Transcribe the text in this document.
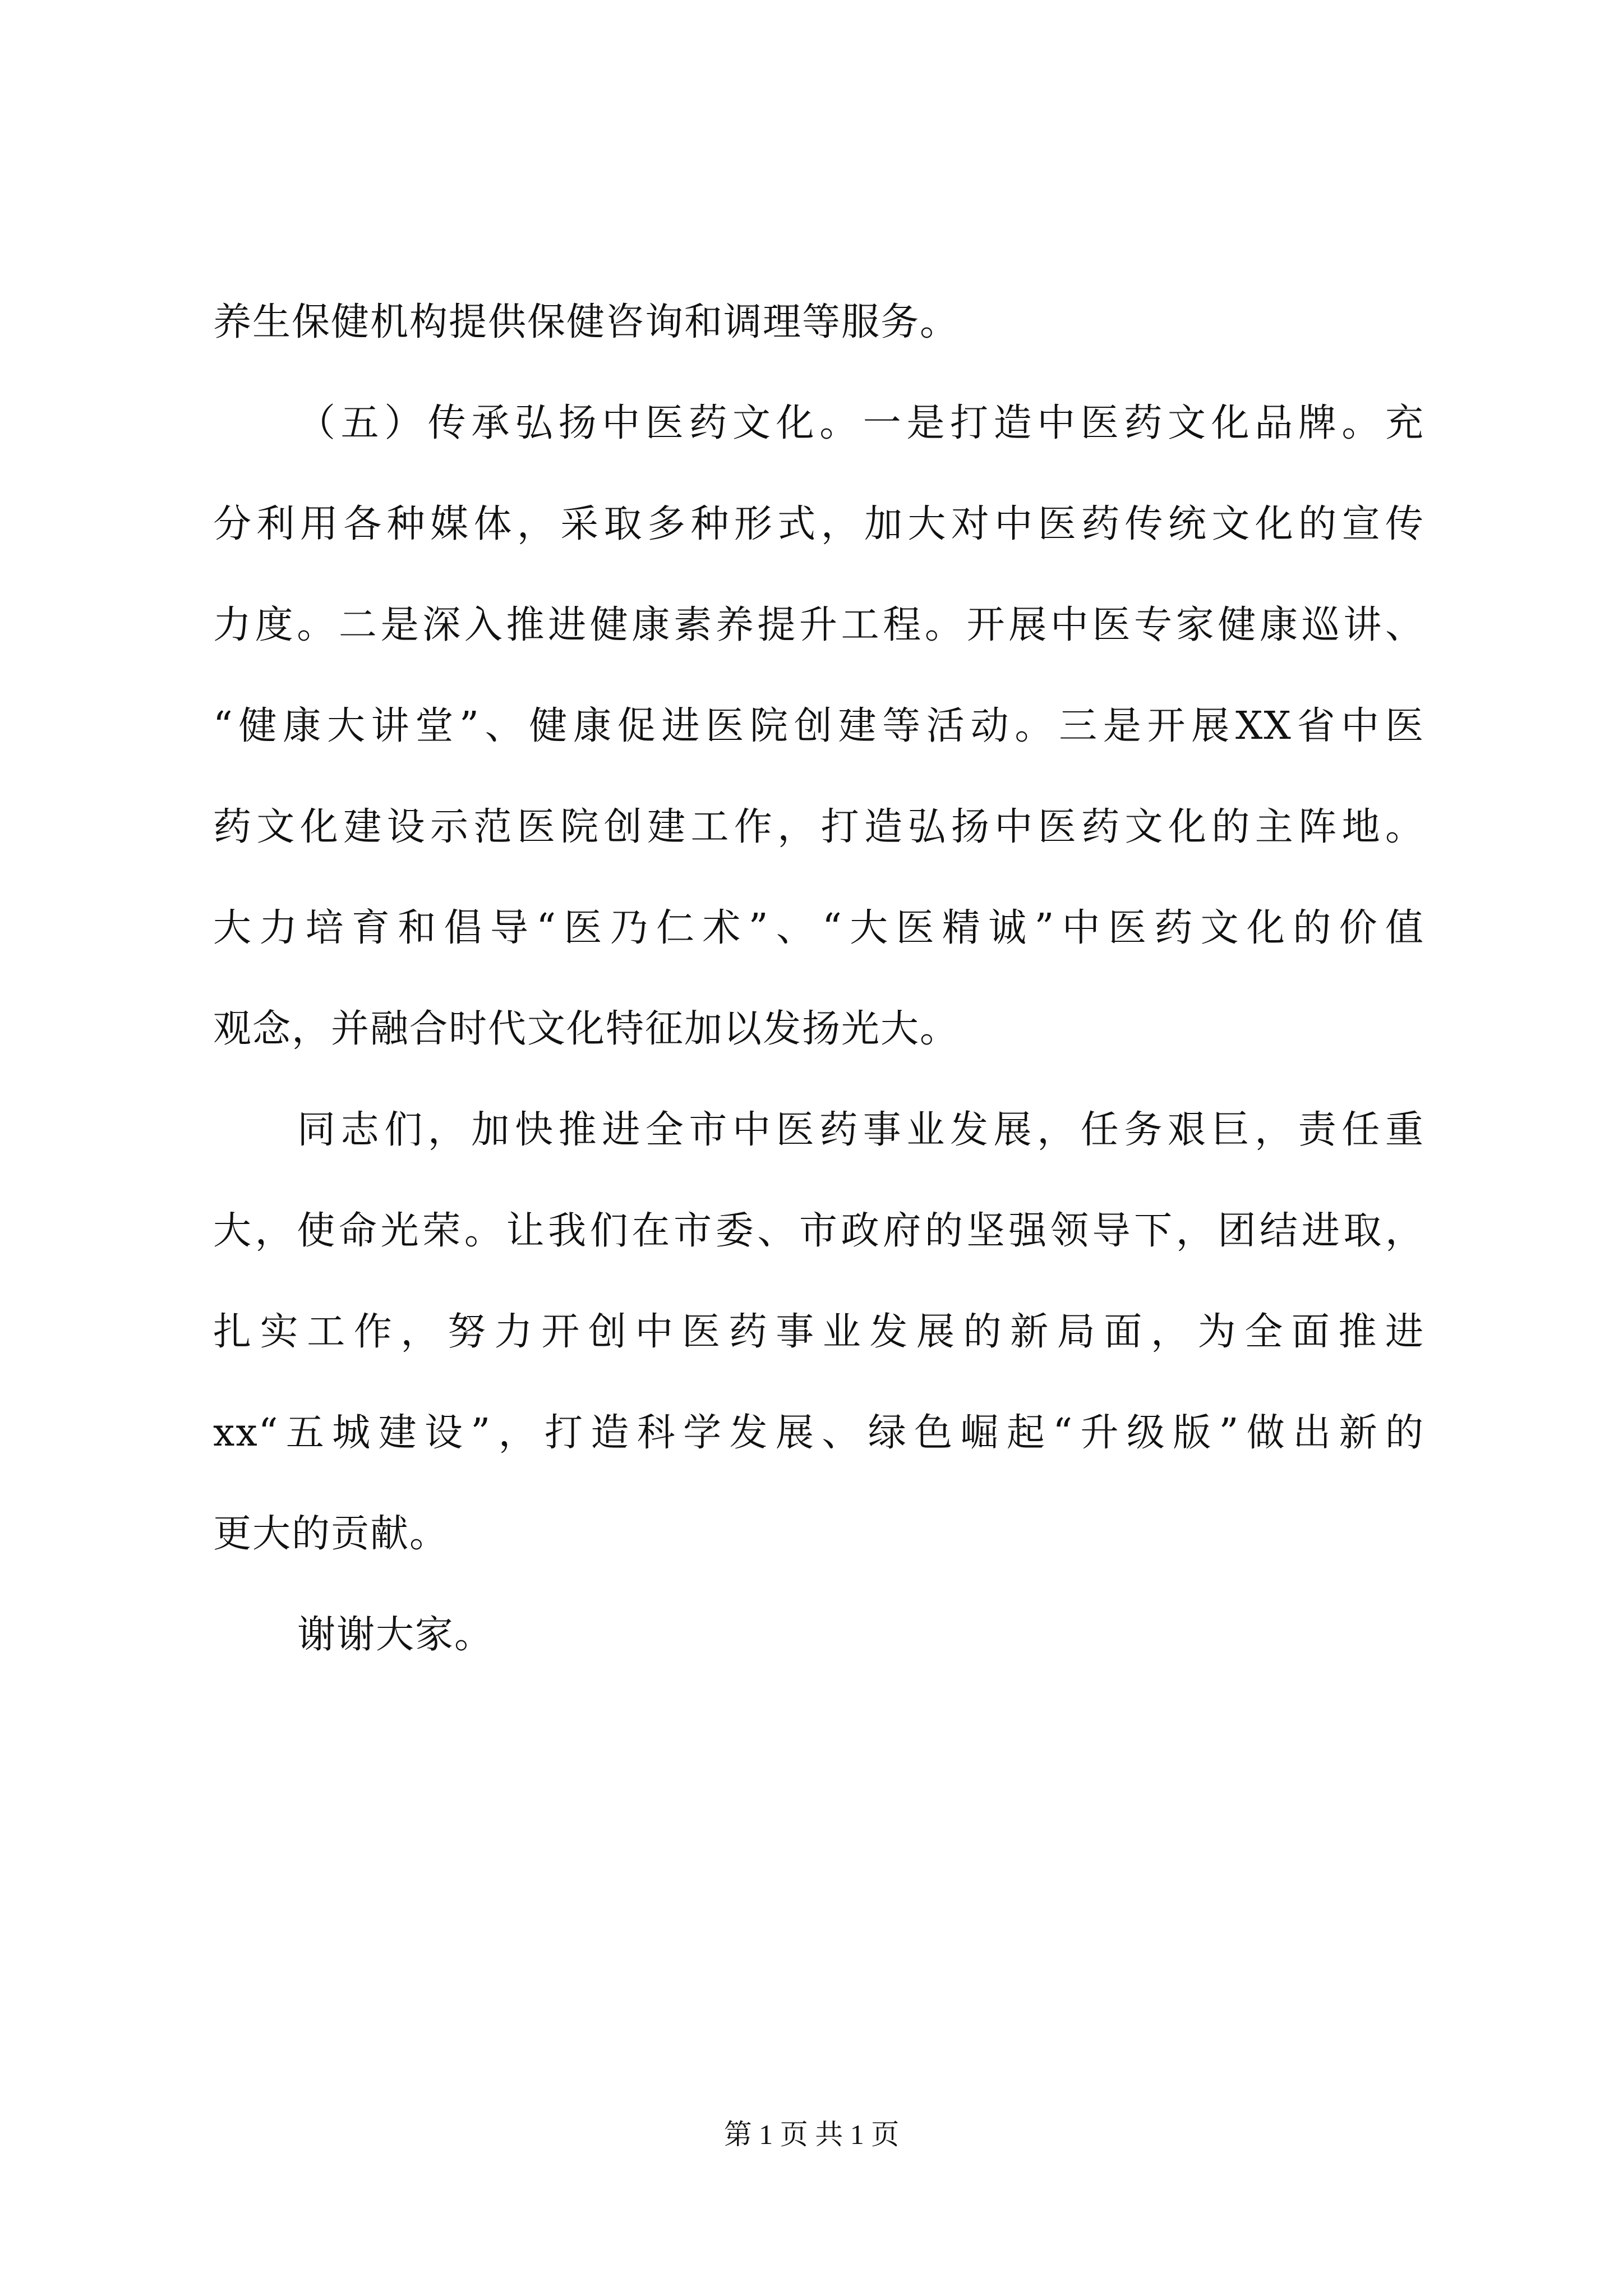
养生保健机构提供保健咨询和调理等服务。
（五）传承弘扬中医药文化。一是打造中医药文化品牌。充
分利用各种媒体，采取多种形式，加大对中医药传统文化的宣传
力度。二是深入推进健康素养提升工程。开展中医专家健康巡讲、
“健康大讲堂”、健康促进医院创建等活动。三是开展XX省中医
药文化建设示范医院创建工作，打造弘扬中医药文化的主阵地。
大力培育和倡导“医乃仁术”、“大医精诚”中医药文化的价值
观念，并融合时代文化特征加以发扬光大。
同志们，加快推进全市中医药事业发展，任务艰巨，责任重
大，使命光荣。让我们在市委、市政府的坚强领导下，团结进取，
扎实工作，努力开创中医药事业发展的新局面，为全面推进
xx“五城建设”，打造科学发展、绿色崛起“升级版”做出新的
更大的贡献。
谢谢大家。
第 1 页 共 1 页
